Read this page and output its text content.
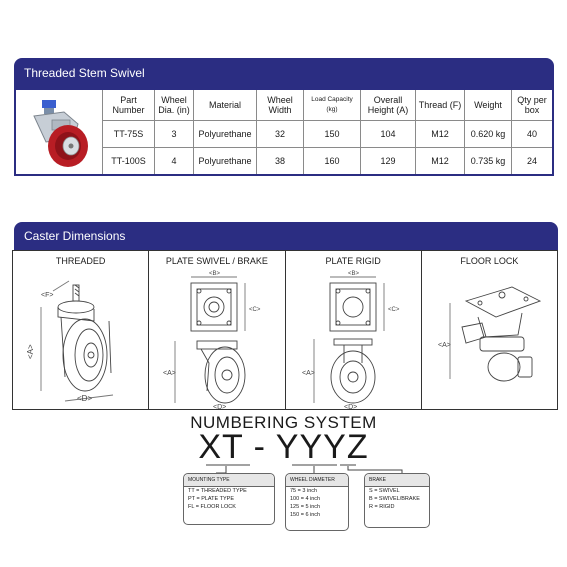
Threaded Stem Swivel
	Part Number	Wheel Dia. (in)	Material	Wheel Width	Load Capacity (kg)	Overall Height (A)	Thread (F)	Weight	Qty per box
	TT-75S	3	Polyurethane	32	150	104	M12	0.620 kg	40
	TT-100S	4	Polyurethane	38	160	129	M12	0.735 kg	24
Caster Dimensions
THREADED
<F>
<A>
<D>
PLATE SWIVEL / BRAKE
<B>
<C>
<A>
<D>
PLATE RIGID
<B>
<C>
<A>
<D>
FLOOR LOCK
<A>
NUMBERING SYSTEM
XT - YYYZ
MOUNTING TYPE
TT = THREADED TYPE
PT = PLATE TYPE
FL = FLOOR LOCK
WHEEL DIAMETER
75 = 3 inch
100 = 4 inch
125 = 5 inch
150 = 6 inch
BRAKE
S = SWIVEL
B = SWIVEL/BRAKE
R = RIGID
